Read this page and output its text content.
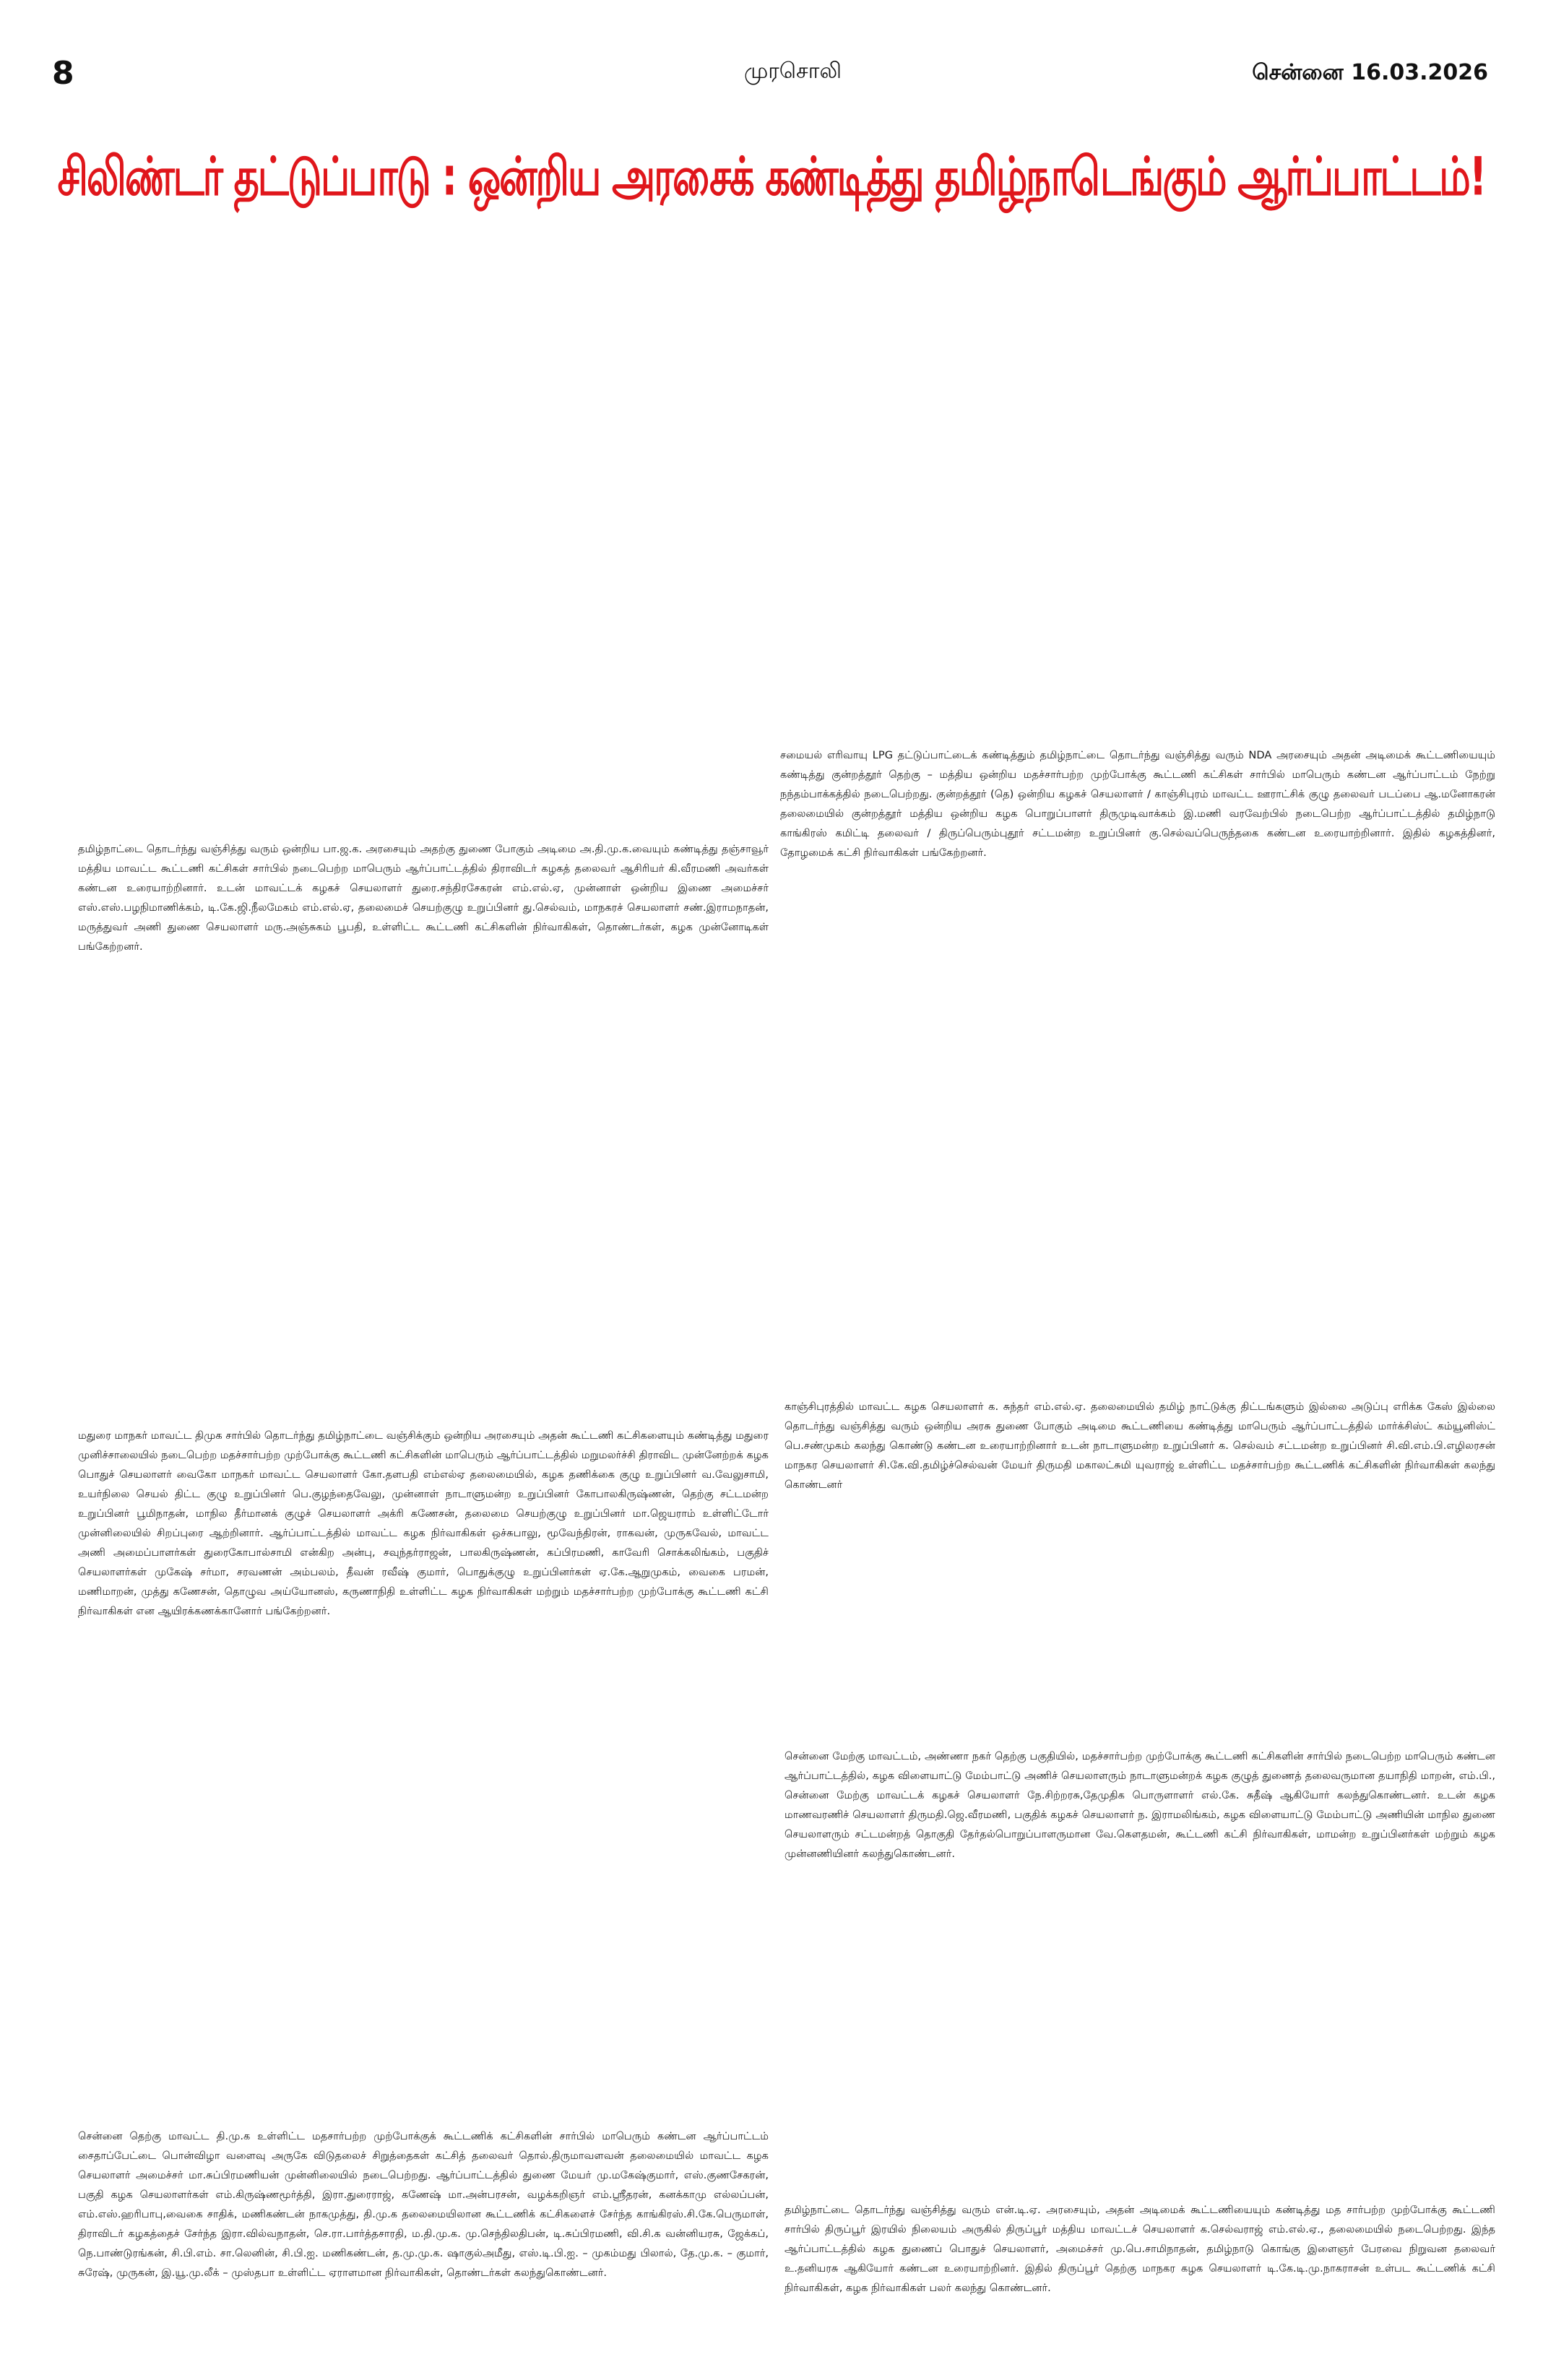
8	முரசொலி	சென்னை 16.03.2026
சிலிண்டர் தட்டுப்பாடு : ஒன்றிய அரசைக் கண்டித்து தமிழ்நாடெங்கும் ஆர்ப்பாட்டம்!

தமிழ்நாட்டை தொடர்ந்து வஞ்சித்து வரும் ஒன்றிய பா.ஜ.க. அரசையும் அதற்கு துணை போகும் அடிமை அ.தி.மு.க.வையும் கண்டித்து தஞ்சாவூர் மத்திய மாவட்ட கூட்டணி கட்சிகள் சார்பில் நடைபெற்ற மாபெரும் ஆர்ப்பாட்டத்தில் திராவிடர் கழகத் தலைவர் ஆசிரியர் கி.வீரமணி அவர்கள் கண்டன உரையாற்றினார். உடன் மாவட்டக் கழகச் செயலாளர் துரை.சந்திரசேகரன் எம்.எல்.ஏ, முன்னாள் ஒன்றிய இணை அமைச்சர் எஸ்.எஸ்.பழநிமாணிக்கம், டி.கே.ஜி.நீலமேகம் எம்.எல்.ஏ, தலைமைச் செயற்குழு உறுப்பினர் து.செல்வம், மாநகரச் செயலாளர் சண்.இராமநாதன், மருத்துவர் அணி துணை செயலாளர் மரு.அஞ்சுகம் பூபதி, உள்ளிட்ட கூட்டணி கட்சிகளின் நிர்வாகிகள், தொண்டர்கள், கழக முன்னோடிகள் பங்கேற்றனர்.

சமையல் எரிவாயு LPG தட்டுப்பாட்டைக் கண்டித்தும் தமிழ்நாட்டை தொடர்ந்து வஞ்சித்து வரும் NDA அரசையும் அதன் அடிமைக் கூட்டணியையும் கண்டித்து குன்றத்தூர் தெற்கு – மத்திய ஒன்றிய மதச்சார்பற்ற முற்போக்கு கூட்டணி கட்சிகள் சார்பில் மாபெரும் கண்டன ஆர்ப்பாட்டம் நேற்று நந்தம்பாக்கத்தில் நடைபெற்றது. குன்றத்தூர் (தெ) ஒன்றிய கழகச் செயலாளர் / காஞ்சிபுரம் மாவட்ட ஊராட்சிக் குழு தலைவர் படப்பை ஆ.மனோகரன் தலைமையில் குன்றத்தூர் மத்திய ஒன்றிய கழக பொறுப்பாளர் திருமுடிவாக்கம் இ.மணி வரவேற்பில் நடைபெற்ற ஆர்ப்பாட்டத்தில் தமிழ்நாடு காங்கிரஸ் கமிட்டி தலைவர் / திருப்பெரும்புதூர் சட்டமன்ற உறுப்பினர் கு.செல்வப்பெருந்தகை கண்டன உரையாற்றினார். இதில் கழகத்தினர், தோழமைக் கட்சி நிர்வாகிகள் பங்கேற்றனர்.

மதுரை மாநகர் மாவட்ட திமுக சார்பில் தொடர்ந்து தமிழ்நாட்டை வஞ்சிக்கும் ஒன்றிய அரசையும் அதன் கூட்டணி கட்சிகளையும் கண்டித்து மதுரை முனிச்சாலையில் நடைபெற்ற மதச்சார்பற்ற முற்போக்கு கூட்டணி கட்சிகளின் மாபெரும் ஆர்ப்பாட்டத்தில் மறுமலர்ச்சி திராவிட முன்னேற்றக் கழக பொதுச் செயலாளர் வைகோ மாநகர் மாவட்ட செயலாளர் கோ.தளபதி எம்எல்ஏ தலைமையில், கழக தணிக்கை குழு உறுப்பினர் வ.வேலுசாமி, உயர்நிலை செயல் திட்ட குழு உறுப்பினர் பெ.குழந்தைவேலு, முன்னாள் நாடாளுமன்ற உறுப்பினர் கோபாலகிருஷ்ணன், தெற்கு சட்டமன்ற உறுப்பினர் பூமிநாதன், மாநில தீர்மானக் குழுச் செயலாளர் அக்ரி கணேசன், தலைமை செயற்குழு உறுப்பினர் மா.ஜெயராம் உள்ளிட்டோர் முன்னிலையில் சிறப்புரை ஆற்றினார். ஆர்ப்பாட்டத்தில் மாவட்ட கழக நிர்வாகிகள் ஒச்சுபாலு, மூவேந்திரன், ராகவன், முருகவேல், மாவட்ட அணி அமைப்பாளர்கள் துரைகோபால்சாமி என்கிற அன்பு, சவுந்தர்ராஜன், பாலகிருஷ்ணன், கப்பிரமணி, காவேரி சொக்கலிங்கம், பகுதிச் செயலாளர்கள் முகேஷ் சர்மா, சரவணன் அம்பலம், தீவன் ரவீஷ் குமார், பொதுக்குழு உறுப்பினர்கள் ஏ.கே.ஆறுமுகம், வைகை பரமன், மணிமாறன், முத்து கணேசன், தொழுவ அய்யோனஸ், கருணாநிதி உள்ளிட்ட கழக நிர்வாகிகள் மற்றும் மதச்சார்பற்ற முற்போக்கு கூட்டணி கட்சி நிர்வாகிகள் என ஆயிரக்கணக்கானோர் பங்கேற்றனர்.

காஞ்சிபுரத்தில் மாவட்ட கழக செயலாளர் க. சுந்தர் எம்.எல்.ஏ. தலைமையில் தமிழ் நாட்டுக்கு திட்டங்களும் இல்லை அடுப்பு எரிக்க கேஸ் இல்லை தொடர்ந்து வஞ்சித்து வரும் ஒன்றிய அரசு துணை போகும் அடிமை கூட்டணியை கண்டித்து மாபெரும் ஆர்ப்பாட்டத்தில் மார்க்சிஸ்ட் கம்யூனிஸ்ட் பெ.சண்முகம் கலந்து கொண்டு கண்டன உரையாற்றினார் உடன் நாடாளுமன்ற உறுப்பினர் க. செல்வம் சட்டமன்ற உறுப்பினர் சி.வி.எம்.பி.எழிலரசன் மாநகர செயலாளர் சி.கே.வி.தமிழ்ச்செல்வன் மேயர் திருமதி மகாலட்சுமி யுவராஜ் உள்ளிட்ட மதச்சார்பற்ற கூட்டணிக் கட்சிகளின் நிர்வாகிகள் கலந்து கொண்டனர்

சென்னை மேற்கு மாவட்டம், அண்ணா நகர் தெற்கு பகுதியில், மதச்சார்பற்ற முற்போக்கு கூட்டணி கட்சிகளின் சார்பில் நடைபெற்ற மாபெரும் கண்டன ஆர்ப்பாட்டத்தில், கழக விளையாட்டு மேம்பாட்டு அணிச் செயலாளரும் நாடாளுமன்றக் கழக குழுத் துணைத் தலைவருமான தயாநிதி மாறன், எம்.பி., சென்னை மேற்கு மாவட்டக் கழகச் செயலாளர் நே.சிற்றரசு,தேமுதிக பொருளாளர் எல்.கே. சுதீஷ் ஆகியோர் கலந்துகொண்டனர். உடன் கழக மாணவரணிச் செயலாளர் திருமதி.ஜெ.வீரமணி, பகுதிக் கழகச் செயலாளர் ந. இராமலிங்கம், கழக விளையாட்டு மேம்பாட்டு அணியின் மாநில துணை செயலாளரும் சட்டமன்றத் தொகுதி தேர்தல்பொறுப்பாளருமான வே.கௌதமன், கூட்டணி கட்சி நிர்வாகிகள், மாமன்ற உறுப்பினர்கள் மற்றும் கழக முன்னணியினர் கலந்துகொண்டனர்.

சென்னை தெற்கு மாவட்ட தி.மு.க உள்ளிட்ட மதசார்பற்ற முற்போக்குக் கூட்டணிக் கட்சிகளின் சார்பில் மாபெரும் கண்டன ஆர்ப்பாட்டம் சைதாப்பேட்டை பொன்விழா வளைவு அருகே விடுதலைச் சிறுத்தைகள் கட்சித் தலைவர் தொல்.திருமாவளவன் தலைமையில் மாவட்ட கழக செயலாளர் அமைச்சர் மா.சுப்பிரமணியன் முன்னிலையில் நடைபெற்றது. ஆர்ப்பாட்டத்தில் துணை மேயர் மு.மகேஷ்குமார், எஸ்.குணசேகரன், பகுதி கழக செயலாளர்கள் எம்.கிருஷ்ணமூர்த்தி, இரா.துரைராஜ், கணேஷ் மா.அன்பரசன், வழக்கறிஞர் எம்.ஸ்ரீதரன், கனக்காமு எல்லப்பன், எம்.எஸ்.ஹரிபாபு,வைகை சாதிக், மணிகண்டன் நாகமுத்து, தி.மு.க தலைமையிலான கூட்டணிக் கட்சிகளைச் சேர்ந்த காங்கிரஸ்.சி.கே.பெருமாள், திராவிடர் கழகத்தைச் சேர்ந்த இரா.வில்வநாதன், செ.ரா.பார்த்தசாரதி, ம.தி.மு.க. மு.செந்திலதிபன், டி.சுப்பிரமணி, வி.சி.க வன்னியரசு, ஜேக்கப், நெ.பாண்டுரங்கன், சி.பி.எம். சா.லெனின், சி.பி.ஐ. மணிகண்டன், த.மு.மு.க. ஷாகுல்அமீது, எஸ்.டி.பி.ஐ. – முகம்மது பிலால், தே.மு.க. – குமார், சுரேஷ், முருகன், இ.யூ.மு.லீக் – முஸ்தபா உள்ளிட்ட ஏராளமான நிர்வாகிகள், தொண்டர்கள் கலந்துகொண்டனர்.

தமிழ்நாட்டை தொடர்ந்து வஞ்சித்து வரும் என்.டி.ஏ. அரசையும், அதன் அடிமைக் கூட்டணியையும் கண்டித்து மத சார்பற்ற முற்போக்கு கூட்டணி சார்பில் திருப்பூர் இரயில் நிலையம் அருகில் திருப்பூர் மத்திய மாவட்டச் செயலாளர் க.செல்வராஜ் எம்.எல்.ஏ., தலைமையில் நடைபெற்றது. இந்த ஆர்ப்பாட்டத்தில் கழக துணைப் பொதுச் செயலாளர், அமைச்சர் மு.பெ.சாமிநாதன், தமிழ்நாடு கொங்கு இளைஞர் பேரவை நிறுவன தலைவர் உ.தனியரசு ஆகியோர் கண்டன உரையாற்றினர். இதில் திருப்பூர் தெற்கு மாநகர கழக செயலாளர் டி.கே.டி.மு.நாகராசன் உள்பட கூட்டணிக் கட்சி நிர்வாகிகள், கழக நிர்வாகிகள் பலர் கலந்து கொண்டனர்.
